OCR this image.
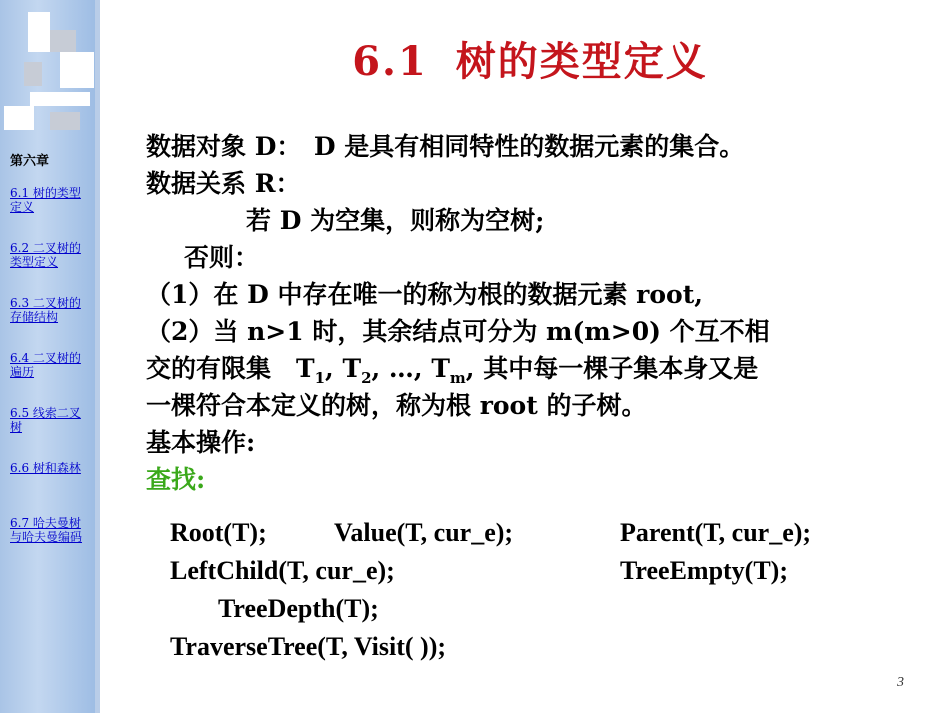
第六章
6.1 树的类型定义
6.2 二叉树的类型定义
6.3 二叉树的存储结构
6.4 二叉树的遍历
6.5 线索二叉树
6.6 树和森林
6.7 哈夫曼树与哈夫曼编码
6.1 树的类型定义
数据对象 D：　D 是具有相同特性的数据元素的集合。
数据关系 R：
若 D 为空集，则称为空树;
否则：
（1）在 D 中存在唯一的称为根的数据元素 root,
（2）当 n>1 时，其余结点可分为 m(m>0) 个互不相
交的有限集　$T_1$, $T_2$, …, $T_m$, 其中每一棵子集本身又是
一棵符合本定义的树，称为根 root 的子树。
基本操作:
查找:
Root(T);	Value(T, cur_e);	Parent(T, cur_e);
LeftChild(T, cur_e);	TreeEmpty(T);
TreeDepth(T);
TraverseTree(T, Visit( ));
3
